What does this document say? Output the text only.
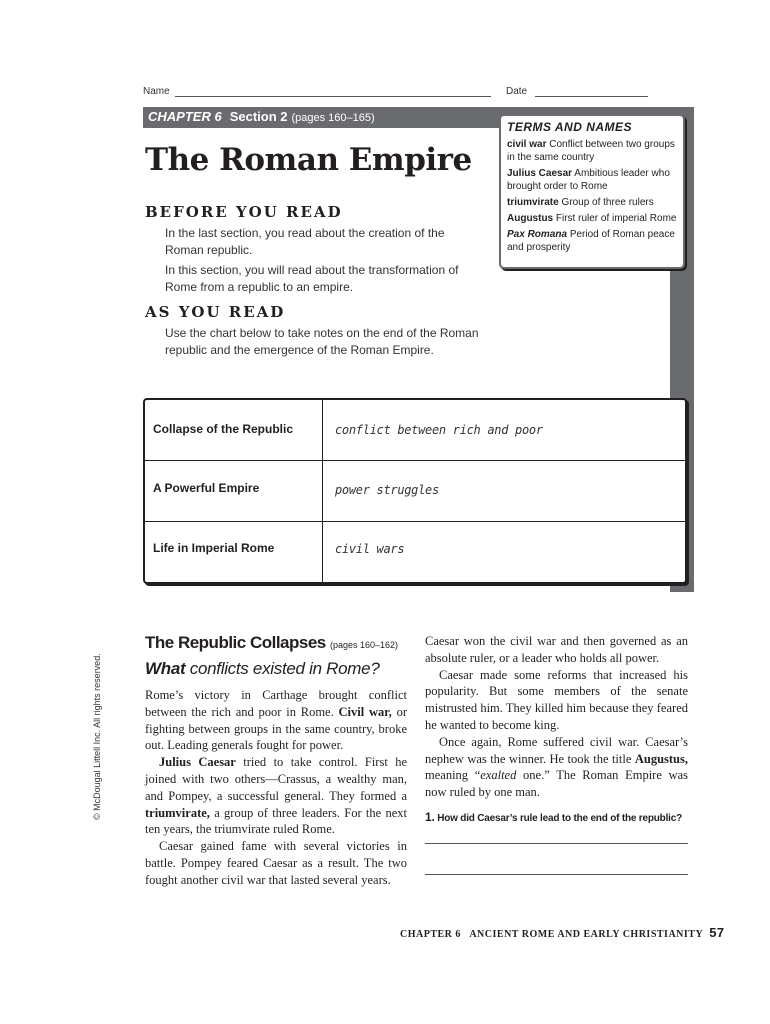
Name	Date
CHAPTER 6 Section 2 (pages 160–165)
TERMS AND NAMES
civil war Conflict between two groups in the same country
Julius Caesar Ambitious leader who brought order to Rome
triumvirate Group of three rulers
Augustus First ruler of imperial Rome
Pax Romana Period of Roman peace and prosperity
The Roman Empire
BEFORE YOU READ
In the last section, you read about the creation of the Roman republic.
In this section, you will read about the transformation of Rome from a republic to an empire.
AS YOU READ
Use the chart below to take notes on the end of the Roman republic and the emergence of the Roman Empire.
Collapse of the Republic	conflict between rich and poor
A Powerful Empire	power struggles
Life in Imperial Rome	civil wars
© McDougal Littell Inc. All rights reserved.
The Republic Collapses (pages 160–162)
What conflicts existed in Rome?

Rome’s victory in Carthage brought conflict between the rich and poor in Rome. Civil war, or fighting between groups in the same country, broke out. Leading generals fought for power.

Julius Caesar tried to take control. First he joined with two others—Crassus, a wealthy man, and Pompey, a successful general. They formed a triumvirate, a group of three leaders. For the next ten years, the triumvirate ruled Rome.

Caesar gained fame with several victories in battle. Pompey feared Caesar as a result. The two fought another civil war that lasted several years.

Caesar won the civil war and then governed as an absolute ruler, or a leader who holds all power.

Caesar made some reforms that increased his popularity. But some members of the senate mistrusted him. They killed him because they feared he wanted to become king.

Once again, Rome suffered civil war. Caesar’s nephew was the winner. He took the title Augustus, meaning “exalted one.” The Roman Empire was now ruled by one man.

1. How did Caesar’s rule lead to the end of the republic?
CHAPTER 6   ANCIENT ROME AND EARLY CHRISTIANITY 57
